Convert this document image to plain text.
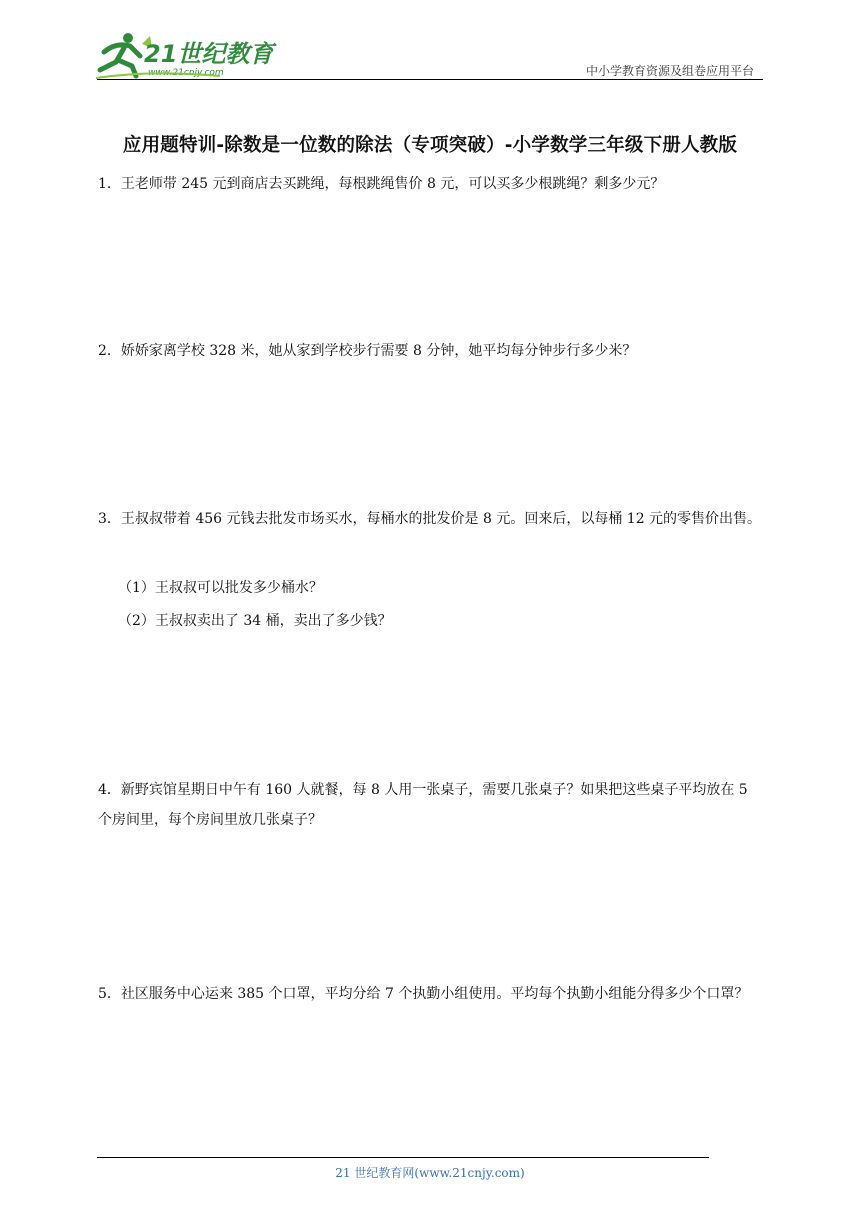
21世纪教育
www.21cnjy.com	中小学教育资源及组卷应用平台
应用题特训-除数是一位数的除法（专项突破）-小学数学三年级下册人教版
1．王老师带 245 元到商店去买跳绳，每根跳绳售价 8 元，可以买多少根跳绳？剩多少元？
2．娇娇家离学校 328 米，她从家到学校步行需要 8 分钟，她平均每分钟步行多少米？
3．王叔叔带着 456 元钱去批发市场买水，每桶水的批发价是 8 元。回来后，以每桶 12 元的零售价出售。
（1）王叔叔可以批发多少桶水？
（2）王叔叔卖出了 34 桶，卖出了多少钱？
4．新野宾馆星期日中午有 160 人就餐，每 8 人用一张桌子，需要几张桌子？如果把这些桌子平均放在 5 个房间里，每个房间里放几张桌子？
5．社区服务中心运来 385 个口罩，平均分给 7 个执勤小组使用。平均每个执勤小组能分得多少个口罩？
21 世纪教育网(www.21cnjy.com)
